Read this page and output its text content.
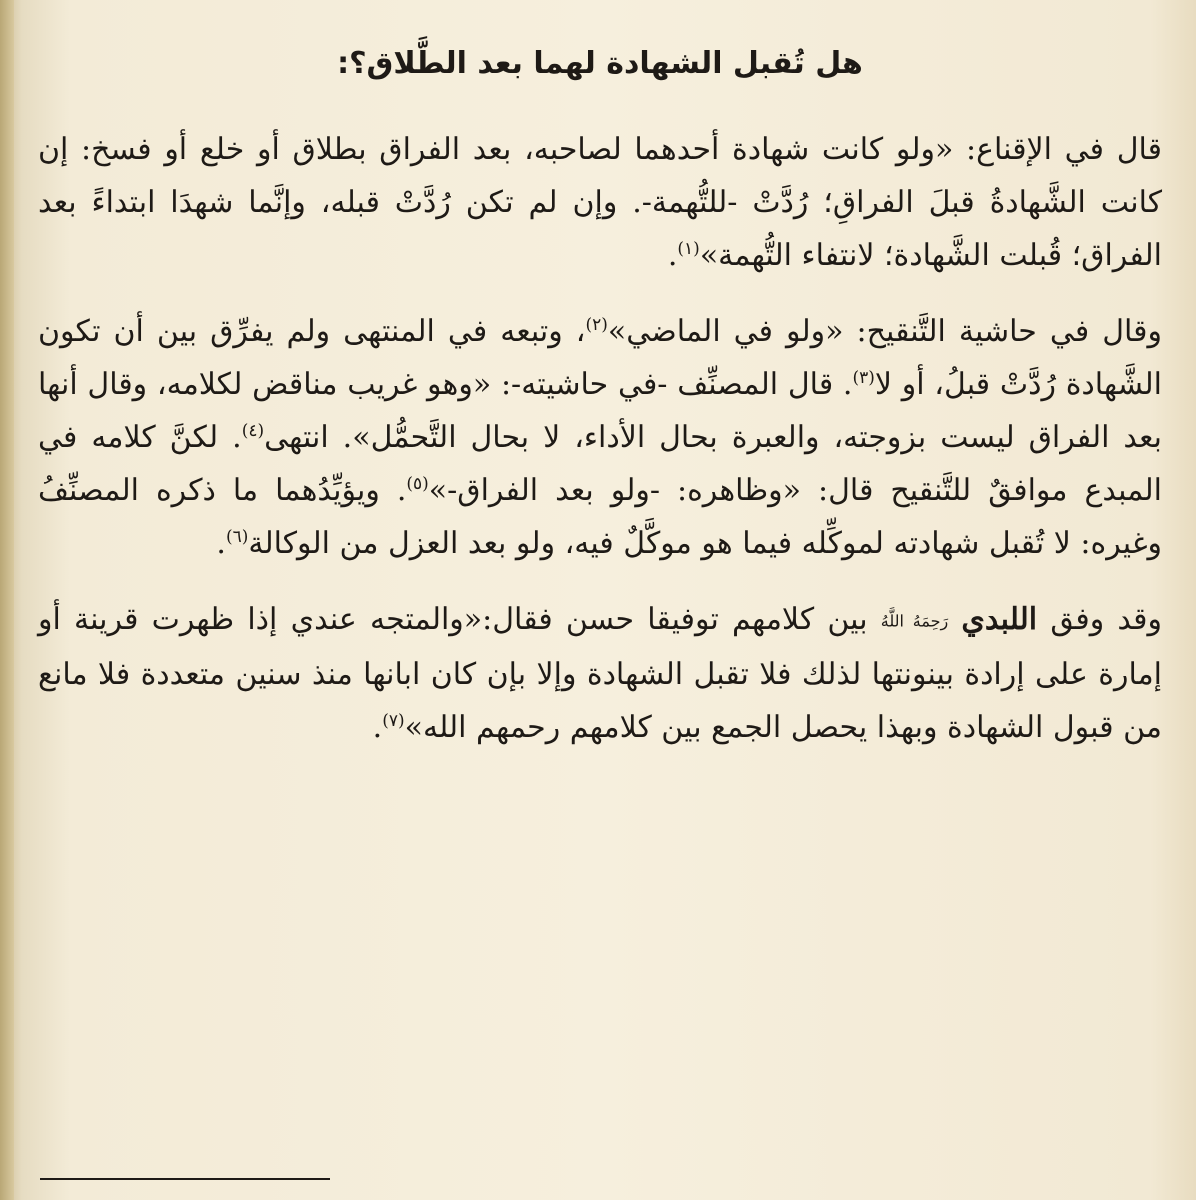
هل تُقبل الشهادة لهما بعد الطَّلاق؟:

قال في الإقناع: «ولو كانت شهادة أحدهما لصاحبه، بعد الفراق بطلاق أو خلع أو فسخ: إن كانت الشَّهادةُ قبلَ الفراقِ؛ رُدَّتْ -للتُّهمة-. وإن لم تكن رُدَّتْ قبله، وإنَّما شهدَا ابتداءً بعد الفراق؛ قُبلت الشَّهادة؛ لانتفاء التُّهمة»$^{(١)}$.

وقال في حاشية التَّنقيح: «ولو في الماضي»$^{(٢)}$، وتبعه في المنتهى ولم يفرِّق بين أن تكون الشَّهادة رُدَّتْ قبلُ، أو لا$^{(٣)}$. قال المصنِّف -في حاشيته-: «وهو غريب مناقض لكلامه، وقال أنها بعد الفراق ليست بزوجته، والعبرة بحال الأداء، لا بحال التَّحمُّل». انتهى$^{(٤)}$. لكنَّ كلامه في المبدع موافقٌ للتَّنقيح قال: «وظاهره: -ولو بعد الفراق-»$^{(٥)}$. ويؤيِّدُهما ما ذكره المصنِّفُ وغيره: لا تُقبل شهادته لموكِّله فيما هو موكَّلٌ فيه، ولو بعد العزل من الوكالة$^{(٦)}$.

وقد وفق اللبدي رَحِمَهُ اللَّهُ بين كلامهم توفيقا حسن فقال:«والمتجه عندي إذا ظهرت قرينة أو إمارة على إرادة بينونتها لذلك فلا تقبل الشهادة وإلا بإن كان ابانها منذ سنين متعددة فلا مانع من قبول الشهادة وبهذا يحصل الجمع بين كلامهم رحمهم الله»$^{(٧)}$.
